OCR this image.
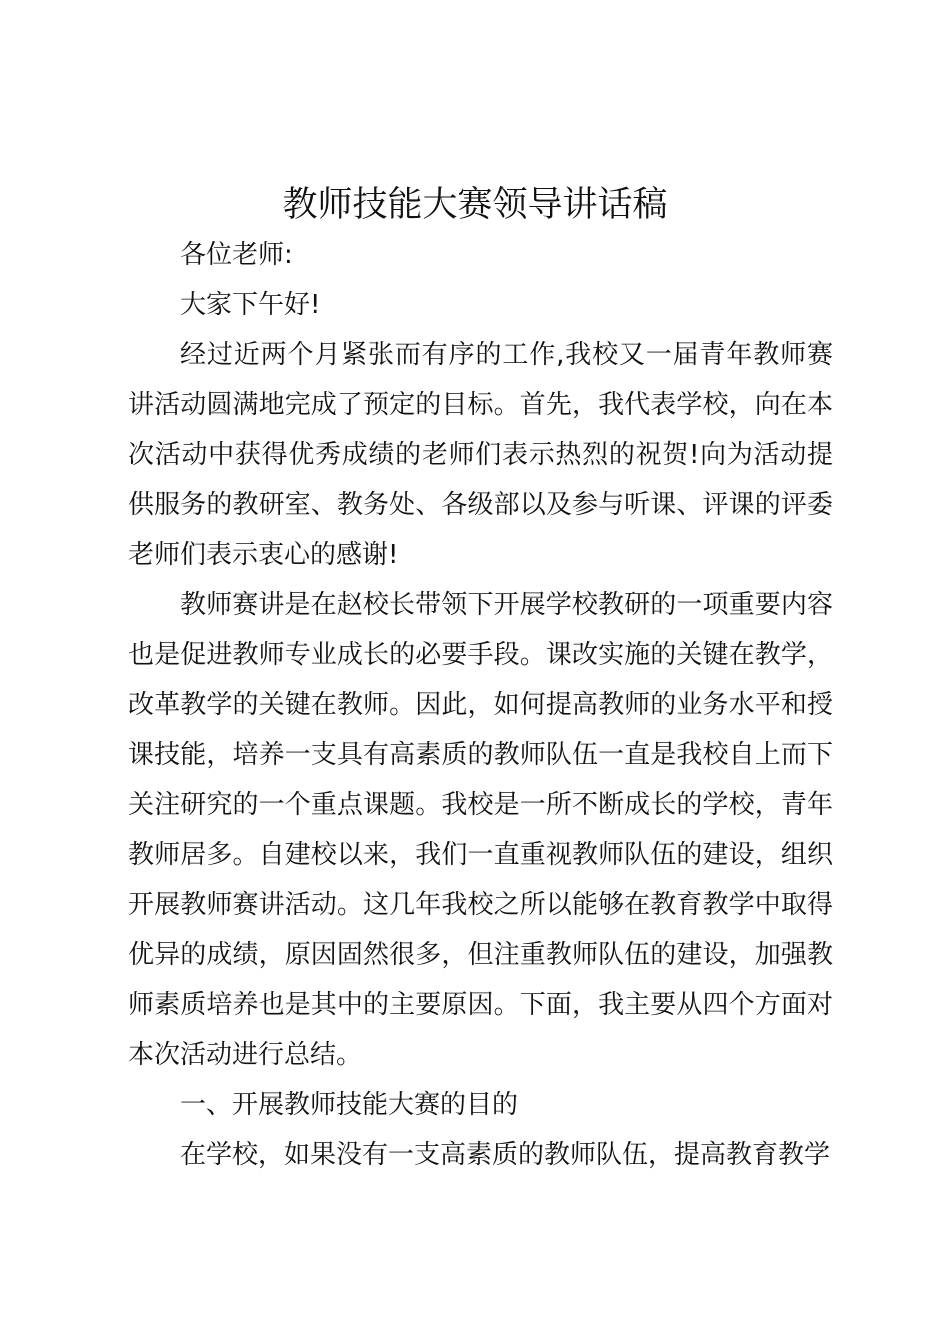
教师技能大赛领导讲话稿

各位老师:

大家下午好!

经过近两个月紧张而有序的工作,我校又一届青年教师赛讲活动圆满地完成了预定的目标。首先，我代表学校，向在本次活动中获得优秀成绩的老师们表示热烈的祝贺!向为活动提供服务的教研室、教务处、各级部以及参与听课、评课的评委老师们表示衷心的感谢!

教师赛讲是在赵校长带领下开展学校教研的一项重要内容也是促进教师专业成长的必要手段。课改实施的关键在教学，改革教学的关键在教师。因此，如何提高教师的业务水平和授课技能，培养一支具有高素质的教师队伍一直是我校自上而下关注研究的一个重点课题。我校是一所不断成长的学校，青年教师居多。自建校以来，我们一直重视教师队伍的建设，组织开展教师赛讲活动。这几年我校之所以能够在教育教学中取得优异的成绩，原因固然很多，但注重教师队伍的建设，加强教师素质培养也是其中的主要原因。下面，我主要从四个方面对本次活动进行总结。

一、开展教师技能大赛的目的

在学校，如果没有一支高素质的教师队伍，提高教育教学
